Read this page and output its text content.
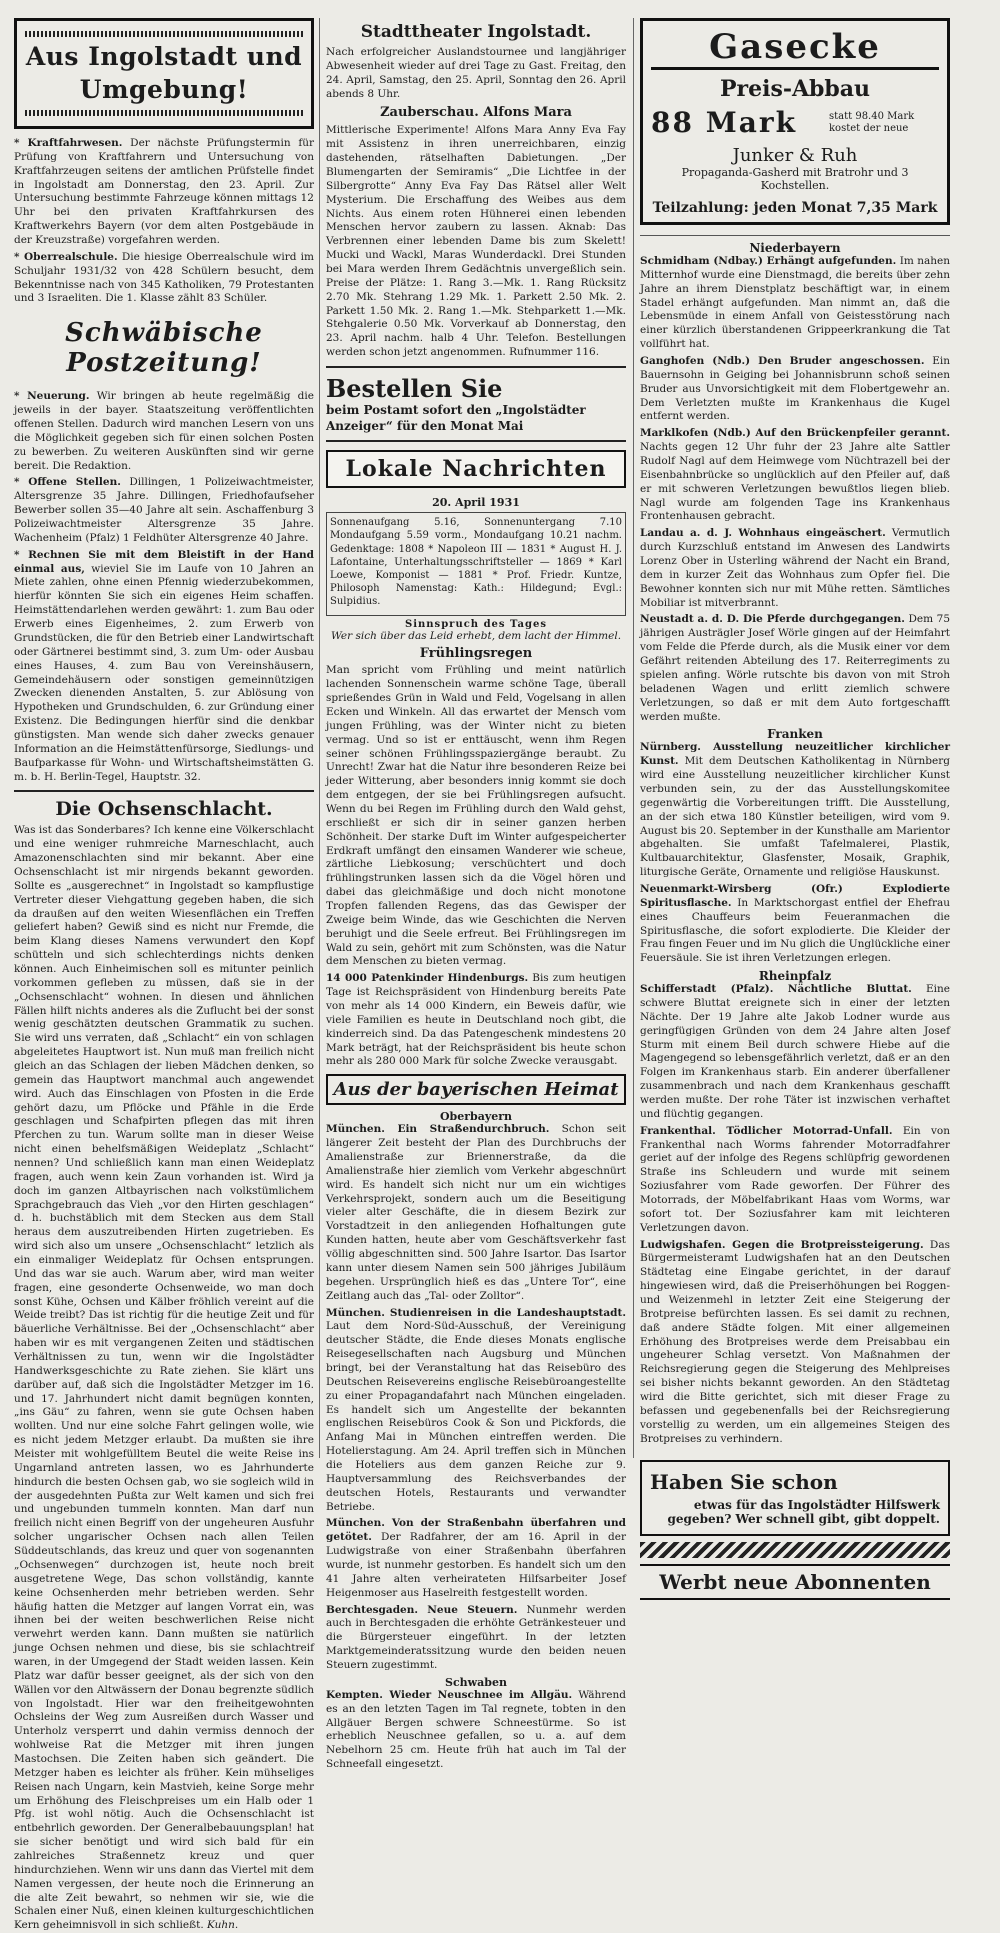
Aus Ingolstadt und Umgebung!

* Kraftfahrwesen. Der nächste Prüfungstermin für Prüfung von Kraftfahrern und Untersuchung von Kraftfahrzeugen seitens der amtlichen Prüfstelle findet in Ingolstadt am Donnerstag, den 23. April. Zur Untersuchung bestimmte Fahrzeuge können mittags 12 Uhr bei den privaten Kraftfahrkursen des Kraftwerkehrs Bayern (vor dem alten Postgebäude in der Kreuzstraße) vorgefahren werden.

* Oberrealschule. Die hiesige Oberrealschule wird im Schuljahr 1931/32 von 428 Schülern besucht, dem Bekenntnisse nach von 345 Katholiken, 79 Protestanten und 3 Israeliten. Die 1. Klasse zählt 83 Schüler.

Schwäbische Postzeitung!

* Neuerung. Wir bringen ab heute regelmäßig die jeweils in der bayer. Staatszeitung veröffentlichten offenen Stellen. Dadurch wird manchen Lesern von uns die Möglichkeit gegeben sich für einen solchen Posten zu bewerben. Zu weiteren Auskünften sind wir gerne bereit. Die Redaktion.

* Offene Stellen. Dillingen, 1 Polizeiwachtmeister, Altersgrenze 35 Jahre. Dillingen, Friedhofaufseher Bewerber sollen 35—40 Jahre alt sein. Aschaffenburg 3 Polizeiwachtmeister Altersgrenze 35 Jahre. Wachenheim (Pfalz) 1 Feldhüter Altersgrenze 40 Jahre.

* Rechnen Sie mit dem Bleistift in der Hand einmal aus, wieviel Sie im Laufe von 10 Jahren an Miete zahlen, ohne einen Pfennig wiederzubekommen, hierfür könnten Sie sich ein eigenes Heim schaffen. Heimstättendarlehen werden gewährt: 1. zum Bau oder Erwerb eines Eigenheimes, 2. zum Erwerb von Grundstücken, die für den Betrieb einer Landwirtschaft oder Gärtnerei bestimmt sind, 3. zum Um- oder Ausbau eines Hauses, 4. zum Bau von Vereinshäusern, Gemeindehäusern oder sonstigen gemeinnützigen Zwecken dienenden Anstalten, 5. zur Ablösung von Hypotheken und Grundschulden, 6. zur Gründung einer Existenz. Die Bedingungen hierfür sind die denkbar günstigsten. Man wende sich daher zwecks genauer Information an die Heimstättenfürsorge, Siedlungs- und Baufparkasse für Wohn- und Wirtschaftsheimstätten G. m. b. H. Berlin-Tegel, Hauptstr. 32.

Die Ochsenschlacht.

Was ist das Sonderbares? Ich kenne eine Völkerschlacht und eine weniger ruhmreiche Marneschlacht, auch Amazonenschlachten sind mir bekannt. Aber eine Ochsenschlacht ist mir nirgends bekannt geworden. Sollte es „ausgerechnet“ in Ingolstadt so kampflustige Vertreter dieser Viehgattung gegeben haben, die sich da draußen auf den weiten Wiesenflächen ein Treffen geliefert haben? Gewiß sind es nicht nur Fremde, die beim Klang dieses Namens verwundert den Kopf schütteln und sich schlechterdings nichts denken können. Auch Einheimischen soll es mitunter peinlich vorkommen gefleben zu müssen, daß sie in der „Ochsenschlacht“ wohnen. In diesen und ähnlichen Fällen hilft nichts anderes als die Zuflucht bei der sonst wenig geschätzten deutschen Grammatik zu suchen. Sie wird uns verraten, daß „Schlacht“ ein von schlagen abgeleitetes Hauptwort ist. Nun muß man freilich nicht gleich an das Schlagen der lieben Mädchen denken, so gemein das Hauptwort manchmal auch angewendet wird. Auch das Einschlagen von Pfosten in die Erde gehört dazu, um Pflöcke und Pfähle in die Erde geschlagen und Schafpirten pflegen das mit ihren Pferchen zu tun. Warum sollte man in dieser Weise nicht einen behelfsmäßigen Weideplatz „Schlacht“ nennen? Und schließlich kann man einen Weideplatz fragen, auch wenn kein Zaun vorhanden ist. Wird ja doch im ganzen Altbayrischen nach volkstümlichem Sprachgebrauch das Vieh „vor den Hirten geschlagen“ d. h. buchstäblich mit dem Stecken aus dem Stall heraus dem auszutreibenden Hirten zugetrieben. Es wird sich also um unsere „Ochsenschlacht“ letzlich als ein einmaliger Weideplatz für Ochsen entsprungen. Und das war sie auch. Warum aber, wird man weiter fragen, eine gesonderte Ochsenweide, wo man doch sonst Kühe, Ochsen und Kälber fröhlich vereint auf die Weide treibt? Das ist richtig für die heutige Zeit und für bäuerliche Verhältnisse. Bei der „Ochsenschlacht“ aber haben wir es mit vergangenen Zeiten und städtischen Verhältnissen zu tun, wenn wir die Ingolstädter Handwerksgeschichte zu Rate ziehen. Sie klärt uns darüber auf, daß sich die Ingolstädter Metzger im 16. und 17. Jahrhundert nicht damit begnügen konnten, „ins Gäu“ zu fahren, wenn sie gute Ochsen haben wollten. Und nur eine solche Fahrt gelingen wolle, wie es nicht jedem Metzger erlaubt. Da mußten sie ihre Meister mit wohlgefülltem Beutel die weite Reise ins Ungarnland antreten lassen, wo es Jahrhunderte hindurch die besten Ochsen gab, wo sie sogleich wild in der ausgedehnten Pußta zur Welt kamen und sich frei und ungebunden tummeln konnten. Man darf nun freilich nicht einen Begriff von der ungeheuren Ausfuhr solcher ungarischer Ochsen nach allen Teilen Süddeutschlands, das kreuz und quer von sogenannten „Ochsenwegen“ durchzogen ist, heute noch breit ausgetretene Wege, Das schon vollständig, kannte keine Ochsenherden mehr betrieben werden. Sehr häufig hatten die Metzger auf langen Vorrat ein, was ihnen bei der weiten beschwerlichen Reise nicht verwehrt werden kann. Dann mußten sie natürlich junge Ochsen nehmen und diese, bis sie schlachtreif waren, in der Umgegend der Stadt weiden lassen. Kein Platz war dafür besser geeignet, als der sich von den Wällen vor den Altwässern der Donau begrenzte südlich von Ingolstadt. Hier war den freiheitgewohnten Ochsleins der Weg zum Ausreißen durch Wasser und Unterholz versperrt und dahin vermiss dennoch der wohlweise Rat die Metzger mit ihren jungen Mastochsen. Die Zeiten haben sich geändert. Die Metzger haben es leichter als früher. Kein mühseliges Reisen nach Ungarn, kein Mastvieh, keine Sorge mehr um Erhöhung des Fleischpreises um ein Halb oder 1 Pfg. ist wohl nötig. Auch die Ochsenschlacht ist entbehrlich geworden. Der Generalbebauungsplan! hat sie sicher benötigt und wird sich bald für ein zahlreiches Straßennetz kreuz und quer hindurchziehen. Wenn wir uns dann das Viertel mit dem Namen vergessen, der heute noch die Erinnerung an die alte Zeit bewahrt, so nehmen wir sie, wie die Schalen einer Nuß, einen kleinen kulturgeschichtlichen Kern geheimnisvoll in sich schließt. Kuhn.

Stadttheater Ingolstadt.

Nach erfolgreicher Auslandstournee und langjähriger Abwesenheit wieder auf drei Tage zu Gast. Freitag, den 24. April, Samstag, den 25. April, Sonntag den 26. April abends 8 Uhr.

Zauberschau. Alfons Mara

Mittlerische Experimente! Alfons Mara Anny Eva Fay mit Assistenz in ihren unerreichbaren, einzig dastehenden, rätselhaften Dabietungen. „Der Blumengarten der Semiramis“ „Die Lichtfee in der Silbergrotte“ Anny Eva Fay Das Rätsel aller Welt Mysterium. Die Erschaffung des Weibes aus dem Nichts. Aus einem roten Hühnerei einen lebenden Menschen hervor zaubern zu lassen. Aknab: Das Verbrennen einer lebenden Dame bis zum Skelett! Mucki und Wackl, Maras Wunderdackl. Drei Stunden bei Mara werden Ihrem Gedächtnis unvergeßlich sein. Preise der Plätze: 1. Rang 3.—Mk. 1. Rang Rücksitz 2.70 Mk. Stehrang 1.29 Mk. 1. Parkett 2.50 Mk. 2. Parkett 1.50 Mk. 2. Rang 1.—Mk. Stehparkett 1.—Mk. Stehgalerie 0.50 Mk. Vorverkauf ab Donnerstag, den 23. April nachm. halb 4 Uhr. Telefon. Bestellungen werden schon jetzt angenommen. Rufnummer 116.

Bestellen Sie
beim Postamt sofort den „Ingolstädter Anzeiger“ für den Monat Mai
Lokale Nachrichten
20. April 1931

Sonnenaufgang 5.16, Sonnenuntergang 7.10 Mondaufgang 5.59 vorm., Mondaufgang 10.21 nachm. Gedenktage: 1808 * Napoleon III — 1831 * August H. J. Lafontaine, Unterhaltungsschriftsteller — 1869 * Karl Loewe, Komponist — 1881 * Prof. Friedr. Kuntze, Philosoph Namenstag: Kath.: Hildegund; Evgl.: Sulpidius.

Sinnspruch des Tages

Wer sich über das Leid erhebt, dem lacht der Himmel.

Frühlingsregen

Man spricht vom Frühling und meint natürlich lachenden Sonnenschein warme schöne Tage, überall sprießendes Grün in Wald und Feld, Vogelsang in allen Ecken und Winkeln. All das erwartet der Mensch vom jungen Frühling, was der Winter nicht zu bieten vermag. Und so ist er enttäuscht, wenn ihm Regen seiner schönen Frühlingsspaziergänge beraubt. Zu Unrecht! Zwar hat die Natur ihre besonderen Reize bei jeder Witterung, aber besonders innig kommt sie doch dem entgegen, der sie bei Frühlingsregen aufsucht. Wenn du bei Regen im Frühling durch den Wald gehst, erschließt er sich dir in seiner ganzen herben Schönheit. Der starke Duft im Winter aufgespeicherter Erdkraft umfängt den einsamen Wanderer wie scheue, zärtliche Liebkosung; verschüchtert und doch frühlingstrunken lassen sich da die Vögel hören und dabei das gleichmäßige und doch nicht monotone Tropfen fallenden Regens, das das Gewisper der Zweige beim Winde, das wie Geschichten die Nerven beruhigt und die Seele erfreut. Bei Frühlingsregen im Wald zu sein, gehört mit zum Schönsten, was die Natur dem Menschen zu bieten vermag.

14 000 Patenkinder Hindenburgs. Bis zum heutigen Tage ist Reichspräsident von Hindenburg bereits Pate von mehr als 14 000 Kindern, ein Beweis dafür, wie viele Familien es heute in Deutschland noch gibt, die kinderreich sind. Da das Patengeschenk mindestens 20 Mark beträgt, hat der Reichspräsident bis heute schon mehr als 280 000 Mark für solche Zwecke verausgabt.

Aus der bayerischen Heimat
Oberbayern

München. Ein Straßendurchbruch. Schon seit längerer Zeit besteht der Plan des Durchbruchs der Amalienstraße zur Briennerstraße, da die Amalienstraße hier ziemlich vom Verkehr abgeschnürt wird. Es handelt sich nicht nur um ein wichtiges Verkehrsprojekt, sondern auch um die Beseitigung vieler alter Geschäfte, die in diesem Bezirk zur Vorstadtzeit in den anliegenden Hofhaltungen gute Kunden hatten, heute aber vom Geschäftsverkehr fast völlig abgeschnitten sind. 500 Jahre Isartor. Das Isartor kann unter diesem Namen sein 500 jähriges Jubiläum begehen. Ursprünglich hieß es das „Untere Tor“, eine Zeitlang auch das „Tal- oder Zolltor“.

München. Studienreisen in die Landeshauptstadt. Laut dem Nord-Süd-Ausschuß, der Vereinigung deutscher Städte, die Ende dieses Monats englische Reisegesellschaften nach Augsburg und München bringt, bei der Veranstaltung hat das Reisebüro des Deutschen Reisevereins englische Reisebüroangestellte zu einer Propagandafahrt nach München eingeladen. Es handelt sich um Angestellte der bekannten englischen Reisebüros Cook & Son und Pickfords, die Anfang Mai in München eintreffen werden. Die Hotelierstagung. Am 24. April treffen sich in München die Hoteliers aus dem ganzen Reiche zur 9. Hauptversammlung des Reichsverbandes der deutschen Hotels, Restaurants und verwandter Betriebe.

München. Von der Straßenbahn überfahren und getötet. Der Radfahrer, der am 16. April in der Ludwigstraße von einer Straßenbahn überfahren wurde, ist nunmehr gestorben. Es handelt sich um den 41 Jahre alten verheirateten Hilfsarbeiter Josef Heigenmoser aus Haselreith festgestellt worden.

Berchtesgaden. Neue Steuern. Nunmehr werden auch in Berchtesgaden die erhöhte Getränkesteuer und die Bürgersteuer eingeführt. In der letzten Marktgemeinderatssitzung wurde den beiden neuen Steuern zugestimmt.

Schwaben

Kempten. Wieder Neuschnee im Allgäu. Während es an den letzten Tagen im Tal regnete, tobten in den Allgäuer Bergen schwere Schneestürme. So ist erheblich Neuschnee gefallen, so u. a. auf dem Nebelhorn 25 cm. Heute früh hat auch im Tal der Schneefall eingesetzt.

Gasecke
Preis-Abbau
88 Mark	statt 98.40 Mark kostet der neue
Junker & Ruh
Propaganda-Gasherd mit Bratrohr und 3 Kochstellen.
Teilzahlung: jeden Monat 7,35 Mark
Niederbayern

Schmidham (Ndbay.) Erhängt aufgefunden. Im nahen Mitternhof wurde eine Dienstmagd, die bereits über zehn Jahre an ihrem Dienstplatz beschäftigt war, in einem Stadel erhängt aufgefunden. Man nimmt an, daß die Lebensmüde in einem Anfall von Geistesstörung nach einer kürzlich überstandenen Grippeerkrankung die Tat vollführt hat.

Ganghofen (Ndb.) Den Bruder angeschossen. Ein Bauernsohn in Geiging bei Johannisbrunn schoß seinen Bruder aus Unvorsichtigkeit mit dem Flobertgewehr an. Dem Verletzten mußte im Krankenhaus die Kugel entfernt werden.

Marklkofen (Ndb.) Auf den Brückenpfeiler gerannt. Nachts gegen 12 Uhr fuhr der 23 Jahre alte Sattler Rudolf Nagl auf dem Heimwege vom Nüchtrazell bei der Eisenbahnbrücke so unglücklich auf den Pfeiler auf, daß er mit schweren Verletzungen bewußtlos liegen blieb. Nagl wurde am folgenden Tage ins Krankenhaus Frontenhausen gebracht.

Landau a. d. J. Wohnhaus eingeäschert. Vermutlich durch Kurzschluß entstand im Anwesen des Landwirts Lorenz Ober in Usterling während der Nacht ein Brand, dem in kurzer Zeit das Wohnhaus zum Opfer fiel. Die Bewohner konnten sich nur mit Mühe retten. Sämtliches Mobiliar ist mitverbrannt.

Neustadt a. d. D. Die Pferde durchgegangen. Dem 75 jährigen Austrägler Josef Wörle gingen auf der Heimfahrt vom Felde die Pferde durch, als die Musik einer vor dem Gefährt reitenden Abteilung des 17. Reiterregiments zu spielen anfing. Wörle rutschte bis davon von mit Stroh beladenen Wagen und erlitt ziemlich schwere Verletzungen, so daß er mit dem Auto fortgeschafft werden mußte.

Franken

Nürnberg. Ausstellung neuzeitlicher kirchlicher Kunst. Mit dem Deutschen Katholikentag in Nürnberg wird eine Ausstellung neuzeitlicher kirchlicher Kunst verbunden sein, zu der das Ausstellungskomitee gegenwärtig die Vorbereitungen trifft. Die Ausstellung, an der sich etwa 180 Künstler beteiligen, wird vom 9. August bis 20. September in der Kunsthalle am Marientor abgehalten. Sie umfaßt Tafelmalerei, Plastik, Kultbauarchitektur, Glasfenster, Mosaik, Graphik, liturgische Geräte, Ornamente und religiöse Hauskunst.

Neuenmarkt-Wirsberg (Ofr.) Explodierte Spiritusflasche. In Marktschorgast entfiel der Ehefrau eines Chauffeurs beim Feueranmachen die Spiritusflasche, die sofort explodierte. Die Kleider der Frau fingen Feuer und im Nu glich die Unglückliche einer Feuersäule. Sie ist ihren Verletzungen erlegen.

Rheinpfalz

Schifferstadt (Pfalz). Nächtliche Bluttat. Eine schwere Bluttat ereignete sich in einer der letzten Nächte. Der 19 Jahre alte Jakob Lodner wurde aus geringfügigen Gründen von dem 24 Jahre alten Josef Sturm mit einem Beil durch schwere Hiebe auf die Magengegend so lebensgefährlich verletzt, daß er an den Folgen im Krankenhaus starb. Ein anderer überfallener zusammenbrach und nach dem Krankenhaus geschafft werden mußte. Der rohe Täter ist inzwischen verhaftet und flüchtig gegangen.

Frankenthal. Tödlicher Motorrad-Unfall. Ein von Frankenthal nach Worms fahrender Motorradfahrer geriet auf der infolge des Regens schlüpfrig gewordenen Straße ins Schleudern und wurde mit seinem Soziusfahrer vom Rade geworfen. Der Führer des Motorrads, der Möbelfabrikant Haas vom Worms, war sofort tot. Der Soziusfahrer kam mit leichteren Verletzungen davon.

Ludwigshafen. Gegen die Brotpreissteigerung. Das Bürgermeisteramt Ludwigshafen hat an den Deutschen Städtetag eine Eingabe gerichtet, in der darauf hingewiesen wird, daß die Preiserhöhungen bei Roggen- und Weizenmehl in letzter Zeit eine Steigerung der Brotpreise befürchten lassen. Es sei damit zu rechnen, daß andere Städte folgen. Mit einer allgemeinen Erhöhung des Brotpreises werde dem Preisabbau ein ungeheurer Schlag versetzt. Von Maßnahmen der Reichsregierung gegen die Steigerung des Mehlpreises sei bisher nichts bekannt geworden. An den Städtetag wird die Bitte gerichtet, sich mit dieser Frage zu befassen und gegebenenfalls bei der Reichsregierung vorstellig zu werden, um ein allgemeines Steigen des Brotpreises zu verhindern.

Haben Sie schon
etwas für das Ingolstädter Hilfswerk gegeben? Wer schnell gibt, gibt doppelt.
Werbt neue Abonnenten
